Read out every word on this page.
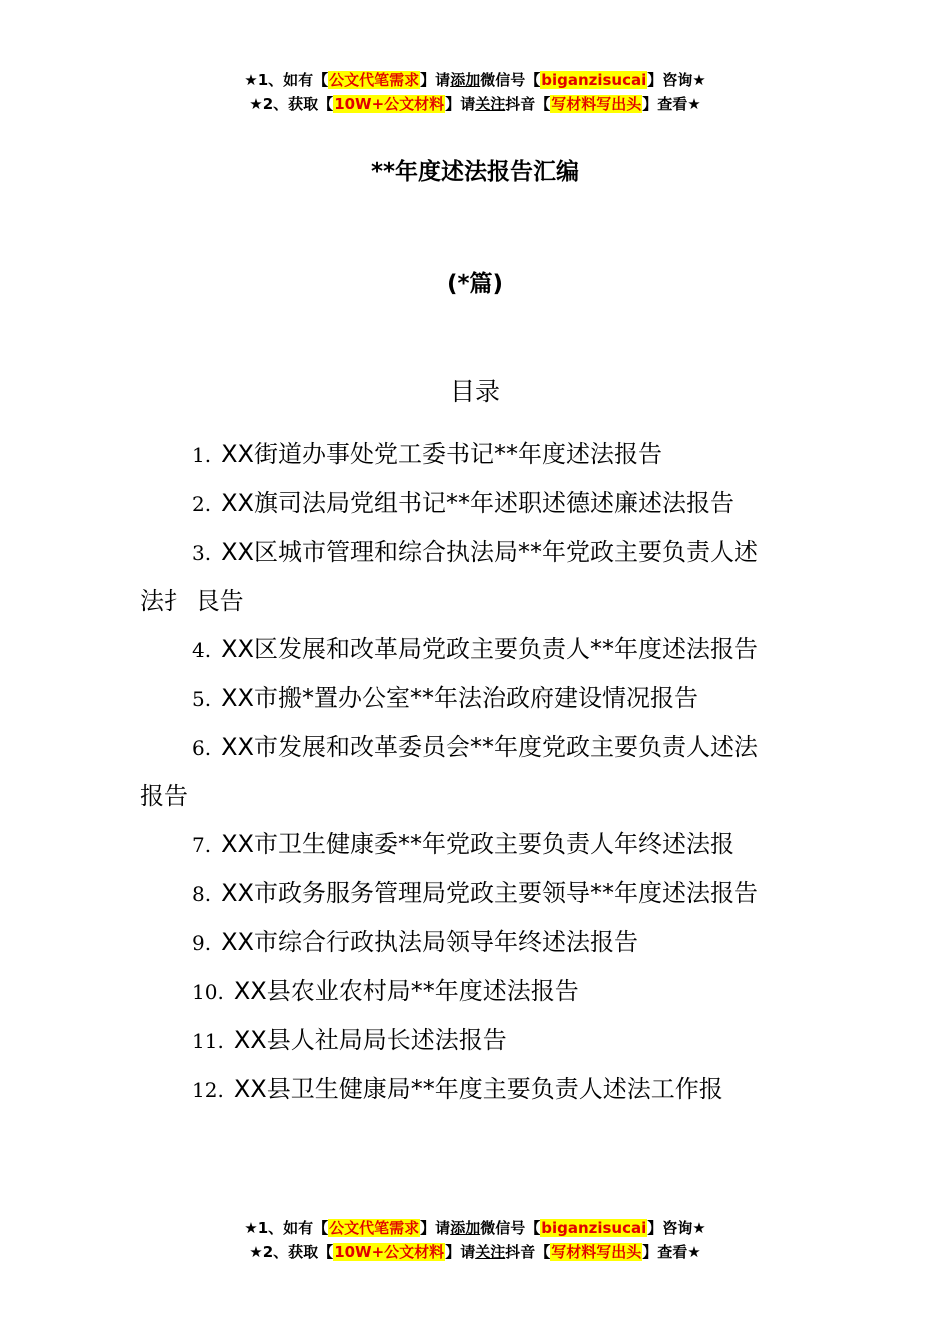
★1、如有【公文代笔需求】请添加微信号【biganzisucai】咨询★
★2、获取【10W+公文材料】请关注抖音【写材料写出头】查看★
**年度述法报告汇编
(*篇)
目录
1. XX街道办事处党工委书记**年度述法报告
2. XX旗司法局党组书记**年述职述德述廉述法报告
3. XX区城市管理和综合执法局**年党政主要负责人述法扌 艮告
4. XX区发展和改革局党政主要负责人**年度述法报告
5. XX市搬*置办公室**年法治政府建设情况报告
6. XX市发展和改革委员会**年度党政主要负责人述法报告
7. XX市卫生健康委**年党政主要负责人年终述法报
8. XX市政务服务管理局党政主要领导**年度述法报告
9. XX市综合行政执法局领导年终述法报告
10. XX县农业农村局**年度述法报告
11. XX县人社局局长述法报告
12. XX县卫生健康局**年度主要负责人述法工作报
★1、如有【公文代笔需求】请添加微信号【biganzisucai】咨询★
★2、获取【10W+公文材料】请关注抖音【写材料写出头】查看★
